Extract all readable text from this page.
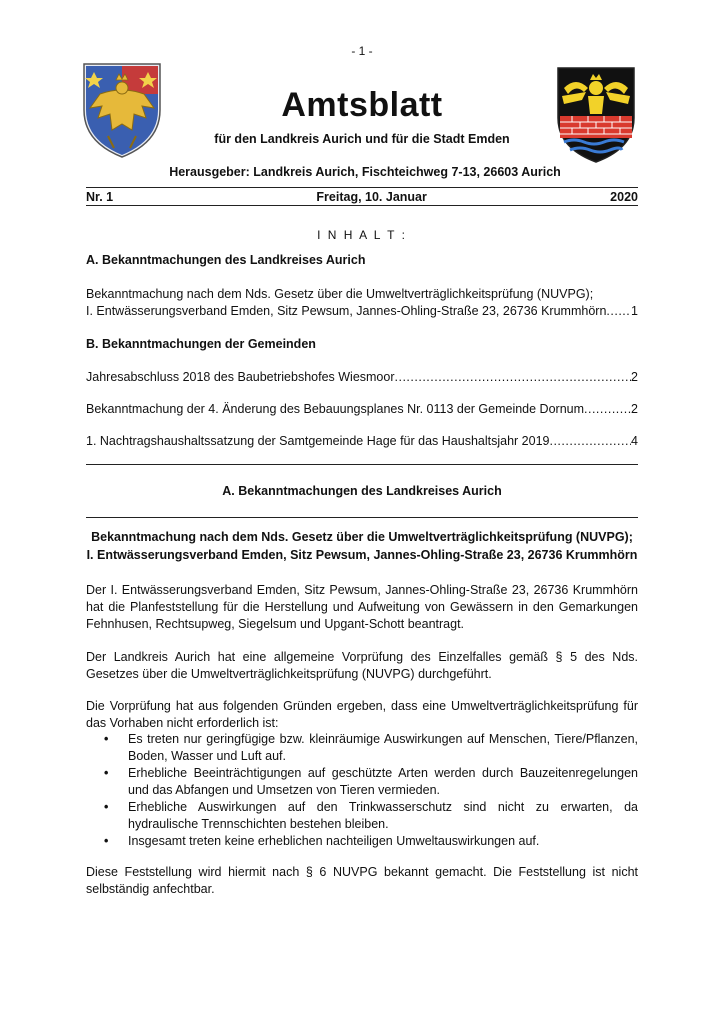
- 1 -
Amtsblatt
für den Landkreis Aurich und für die Stadt Emden
Herausgeber: Landkreis Aurich, Fischteichweg 7-13, 26603 Aurich
Nr. 1	Freitag, 10. Januar	2020
I N H A L T :
A. Bekanntmachungen des Landkreises Aurich
Bekanntmachung nach dem Nds. Gesetz über die Umweltverträglichkeitsprüfung (NUVPG);
I. Entwässerungsverband Emden, Sitz Pewsum, Jannes-Ohling-Straße 23, 26736 Krummhörn ..... 1
B. Bekanntmachungen der Gemeinden
Jahresabschluss 2018 des Baubetriebshofes Wiesmoor .....	2
Bekanntmachung der 4. Änderung des Bebauungsplanes Nr. 0113 der Gemeinde Dornum .....	2
1. Nachtragshaushaltssatzung der Samtgemeinde Hage für das Haushaltsjahr 2019 .....	4
A. Bekanntmachungen des Landkreises Aurich
Bekanntmachung nach dem Nds. Gesetz über die Umweltverträglichkeitsprüfung (NUVPG);
I. Entwässerungsverband Emden, Sitz Pewsum, Jannes-Ohling-Straße 23, 26736 Krummhörn
Der I. Entwässerungsverband Emden, Sitz Pewsum, Jannes-Ohling-Straße 23, 26736 Krummhörn hat die Planfeststellung für die Herstellung und Aufweitung von Gewässern in den Gemarkungen Fehnhusen, Rechtsupweg, Siegelsum und Upgant-Schott beantragt.
Der Landkreis Aurich hat eine allgemeine Vorprüfung des Einzelfalles gemäß § 5 des Nds. Gesetzes über die Umweltverträglichkeitsprüfung (NUVPG) durchgeführt.
Die Vorprüfung hat aus folgenden Gründen ergeben, dass eine Umweltverträglichkeitsprüfung für das Vorhaben nicht erforderlich ist:
• Es treten nur geringfügige bzw. kleinräumige Auswirkungen auf Menschen, Tiere/Pflanzen, Boden, Wasser und Luft auf.
• Erhebliche Beeinträchtigungen auf geschützte Arten werden durch Bauzeitenregelungen und das Abfangen und Umsetzen von Tieren vermieden.
• Erhebliche Auswirkungen auf den Trinkwasserschutz sind nicht zu erwarten, da hydraulische Trennschichten bestehen bleiben.
• Insgesamt treten keine erheblichen nachteiligen Umweltauswirkungen auf.
Diese Feststellung wird hiermit nach § 6 NUVPG bekannt gemacht. Die Feststellung ist nicht selbständig anfechtbar.
